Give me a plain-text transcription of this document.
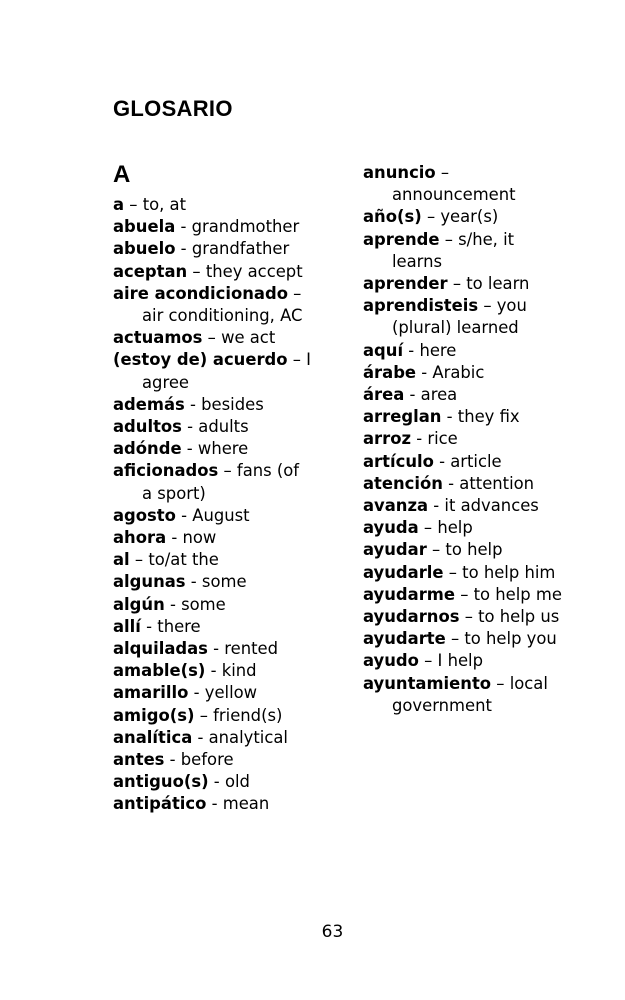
GLOSARIO
A
a – to, at
abuela - grandmother
abuelo - grandfather
aceptan – they accept
aire acondicionado – air conditioning, AC
actuamos – we act
(estoy de) acuerdo – I agree
además - besides
adultos - adults
adónde - where
aficionados – fans (of a sport)
agosto - August
ahora - now
al – to/at the
algunas - some
algún - some
allí - there
alquiladas - rented
amable(s) - kind
amarillo - yellow
amigo(s) – friend(s)
analítica - analytical
antes - before
antiguo(s) - old
antipático - mean
anuncio – announcement
año(s) – year(s)
aprende – s/he, it learns
aprender – to learn
aprendisteis – you (plural) learned
aquí - here
árabe - Arabic
área - area
arreglan - they fix
arroz - rice
artículo - article
atención - attention
avanza - it advances
ayuda – help
ayudar – to help
ayudarle – to help him
ayudarme – to help me
ayudarnos – to help us
ayudarte – to help you
ayudo – I help
ayuntamiento – local government
63
